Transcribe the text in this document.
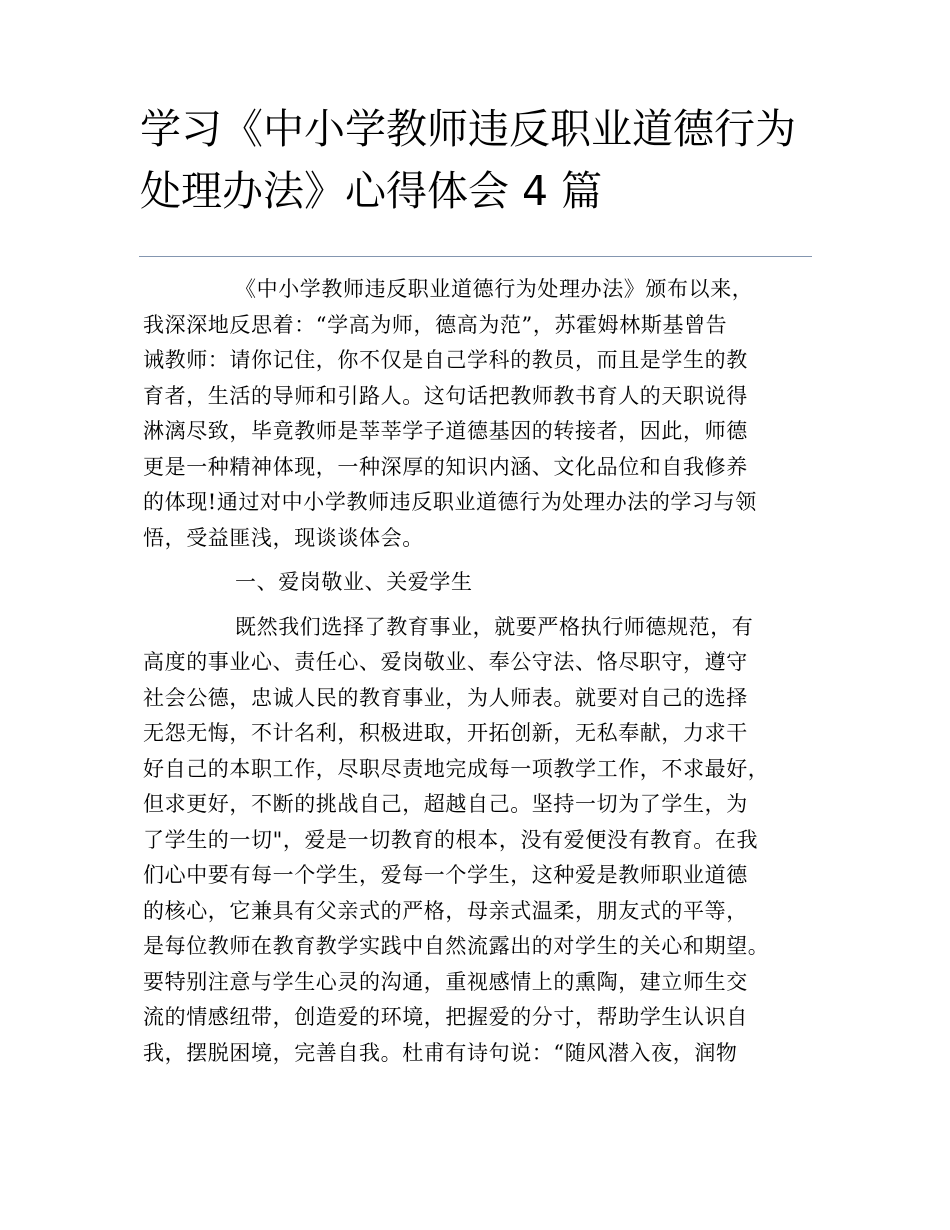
学习《中小学教师违反职业道德行为
处理办法》心得体会 4 篇
《中小学教师违反职业道德行为处理办法》颁布以来，
我深深地反思着：“学高为师，德高为范”，苏霍姆林斯基曾告
诫教师：请你记住，你不仅是自己学科的教员，而且是学生的教
育者，生活的导师和引路人。这句话把教师教书育人的天职说得
淋漓尽致，毕竟教师是莘莘学子道德基因的转接者，因此，师德
更是一种精神体现，一种深厚的知识内涵、文化品位和自我修养
的体现!通过对中小学教师违反职业道德行为处理办法的学习与领
悟，受益匪浅，现谈谈体会。
一、爱岗敬业、关爱学生
既然我们选择了教育事业，就要严格执行师德规范，有
高度的事业心、责任心、爱岗敬业、奉公守法、恪尽职守，遵守
社会公德，忠诚人民的教育事业，为人师表。就要对自己的选择
无怨无悔，不计名利，积极进取，开拓创新，无私奉献，力求干
好自己的本职工作，尽职尽责地完成每一项教学工作，不求最好，
但求更好，不断的挑战自己，超越自己。坚持一切为了学生，为
了学生的一切"，爱是一切教育的根本，没有爱便没有教育。在我
们心中要有每一个学生，爱每一个学生，这种爱是教师职业道德
的核心，它兼具有父亲式的严格，母亲式温柔，朋友式的平等，
是每位教师在教育教学实践中自然流露出的对学生的关心和期望。
要特别注意与学生心灵的沟通，重视感情上的熏陶，建立师生交
流的情感纽带，创造爱的环境，把握爱的分寸，帮助学生认识自
我，摆脱困境，完善自我。杜甫有诗句说：“随风潜入夜，润物
